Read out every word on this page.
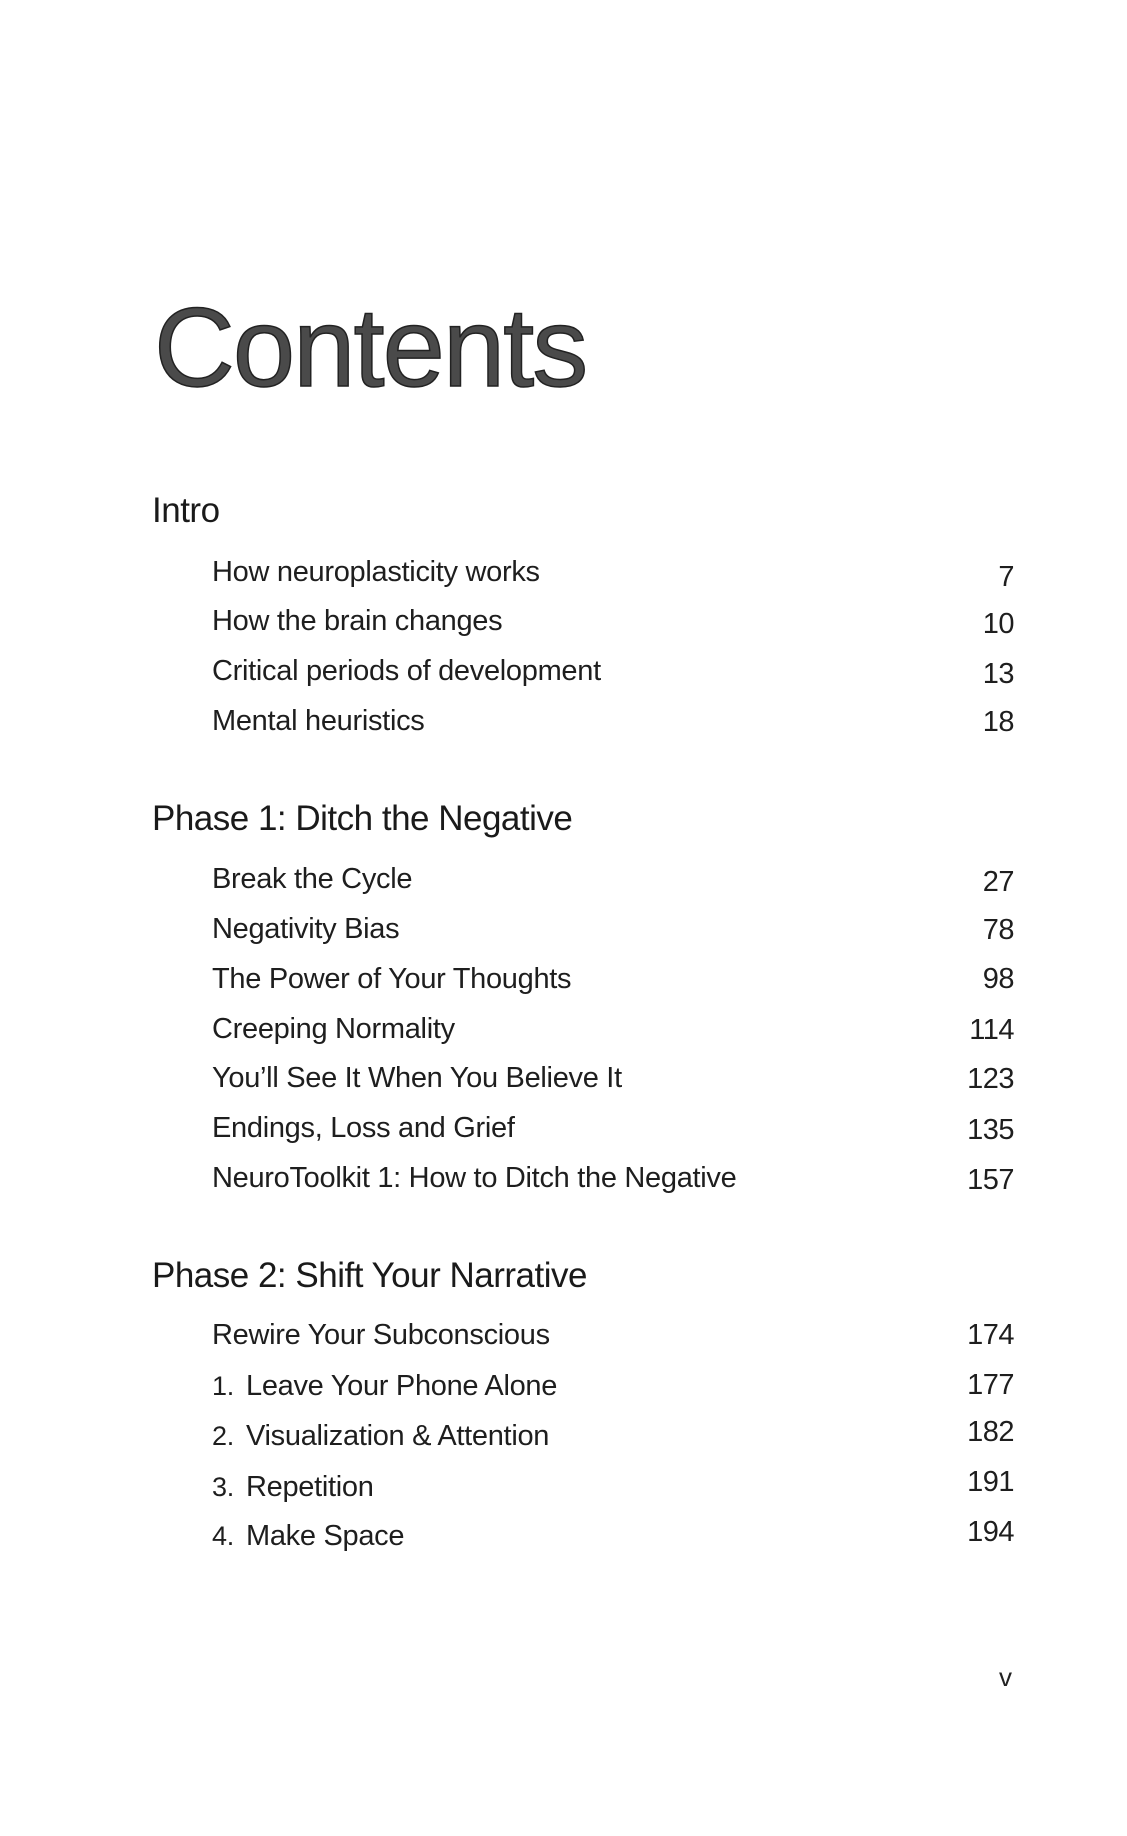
Contents
Intro
How neuroplasticity works	7
How the brain changes	10
Critical periods of development	13
Mental heuristics	18
Phase 1: Ditch the Negative
Break the Cycle	27
Negativity Bias	78
The Power of Your Thoughts	98
Creeping Normality	114
You’ll See It When You Believe It	123
Endings, Loss and Grief	135
NeuroToolkit 1: How to Ditch the Negative	157
Phase 2: Shift Your Narrative
Rewire Your Subconscious	174
1. Leave Your Phone Alone	177
2. Visualization & Attention	182
3. Repetition	191
4. Make Space	194
v
